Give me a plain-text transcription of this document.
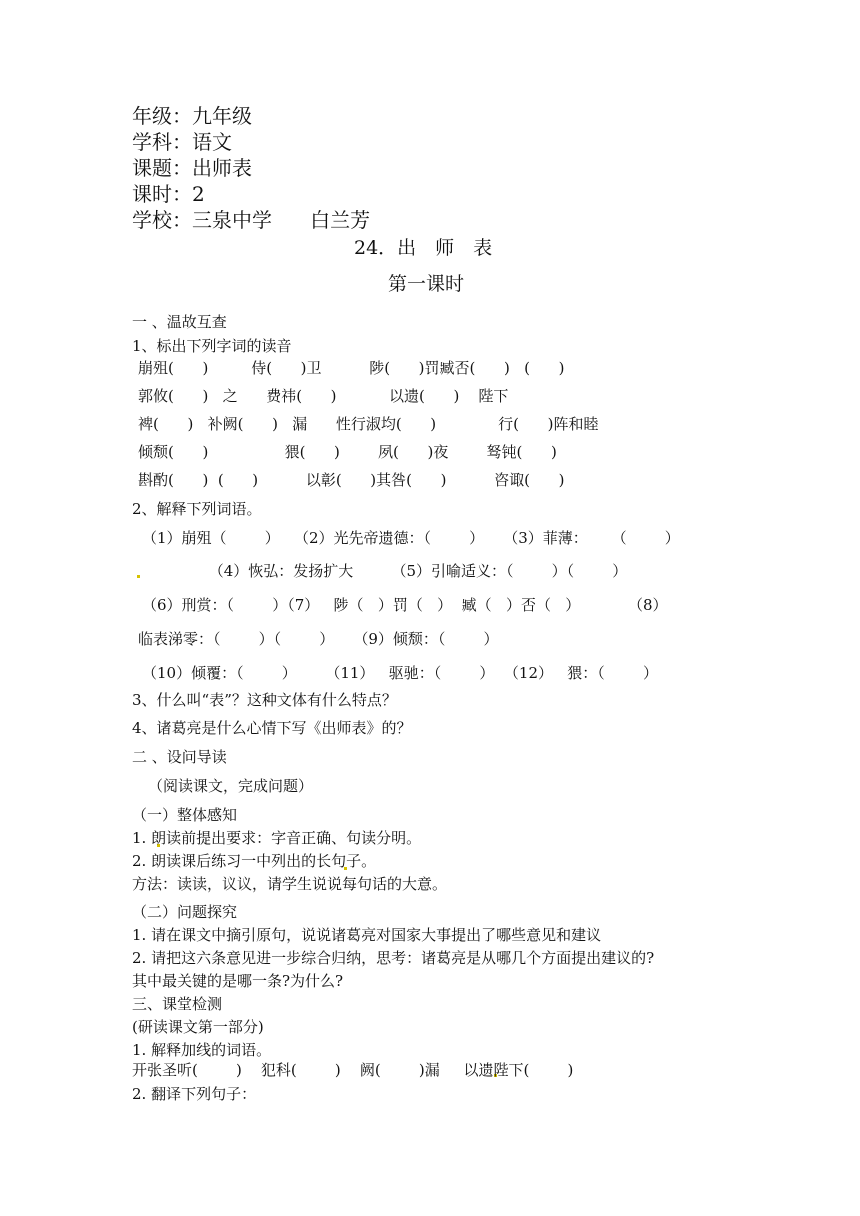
年级：九年级
学科：语文
课题：出师表
课时：2
学校：三泉中学      白兰芳
24．出　师　表
第一课时
一 、温故互查
1、标出下列字词的读音
崩殂(      )         侍(      )卫          陟(      )罚臧否(      )   (      )
郭攸(      )   之      费祎(      )           以遗(      )    陛下
裨(      )   补阙(      )   漏      性行淑均(      )             行(      )阵和睦
倾颓(      )                猥(      )        夙(      )夜        驽钝(      )
斟酌(      )  (      )          以彰(      )其咎(      )          咨诹(      )
2、解释下列词语。
（1）崩殂（        ）   （2）光先帝遗德：（        ）    （3）菲薄：     （        ）
（4）恢弘：发扬扩大        （5）引喻适义：（        ）（        ）
（6）刑赏：（        ）（7）   陟（   ）罚（   ）  臧（   ）否（   ）          （8）
临表涕零：（        ）（        ）    （9）倾颓：（        ）
（10）倾覆：（        ）      （11）   驱驰：（        ）  （12）   猥：（        ）
3、什么叫“表”？这种文体有什么特点？
4、诸葛亮是什么心情下写《出师表》的？
二 、设问导读
（阅读课文，完成问题）
（一）整体感知
1. 朗读前提出要求：字音正确、句读分明。
2. 朗读课后练习一中列出的长句子。
方法：读读，议议，请学生说说每句话的大意。
（二）问题探究
1. 请在课文中摘引原句，说说诸葛亮对国家大事提出了哪些意见和建议
2. 请把这六条意见进一步综合归纳，思考：诸葛亮是从哪几个方面提出建议的?
其中最关键的是哪一条?为什么?
三、课堂检测
(研读课文第一部分)
1. 解释加线的词语。
开张圣听(        )    犯科(        )    阙(        )漏     以遗陛下(        )
2. 翻译下列句子：
